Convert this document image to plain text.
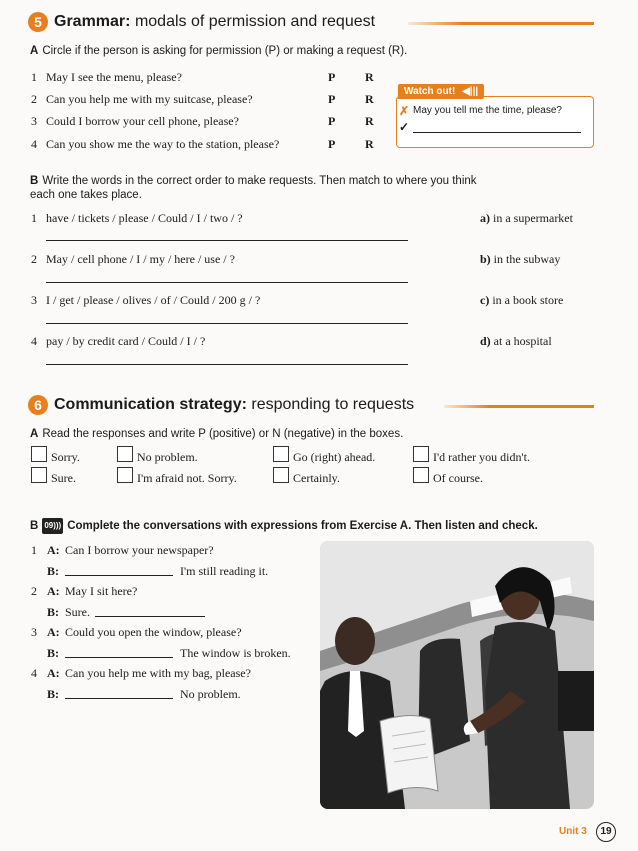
5 Grammar: modals of permission and request
A Circle if the person is asking for permission (P) or making a request (R).
1 May I see the menu, please?	P R
2 Can you help me with my suitcase, please?	P R
3 Could I borrow your cell phone, please?	P R
4 Can you show me the way to the station, please?	P R
Watch out! ◀|||
✗ May you tell me the time, please?
✓
B Write the words in the correct order to make requests. Then match to where you think each one takes place.
1 have / tickets / please / Could / I / two / ?	a) in a supermarket
2 May / cell phone / I / my / here / use / ?	b) in the subway
3 I / get / please / olives / of / Could / 200 g / ?	c) in a book store
4 pay / by credit card / Could / I / ?	d) at a hospital
6 Communication strategy: responding to requests
A Read the responses and write P (positive) or N (negative) in the boxes.
Sorry.	No problem.	Go (right) ahead.	I'd rather you didn't.
Sure.	I'm afraid not. Sorry.	Certainly.	Of course.
B 09))) Complete the conversations with expressions from Exercise A. Then listen and check.
1 A: Can I borrow your newspaper?
B:	I'm still reading it.
2 A: May I sit here?
B: Sure.
3 A: Could you open the window, please?
B:	The window is broken.
4 A: Can you help me with my bag, please?
B:	No problem.
Unit 3	19
